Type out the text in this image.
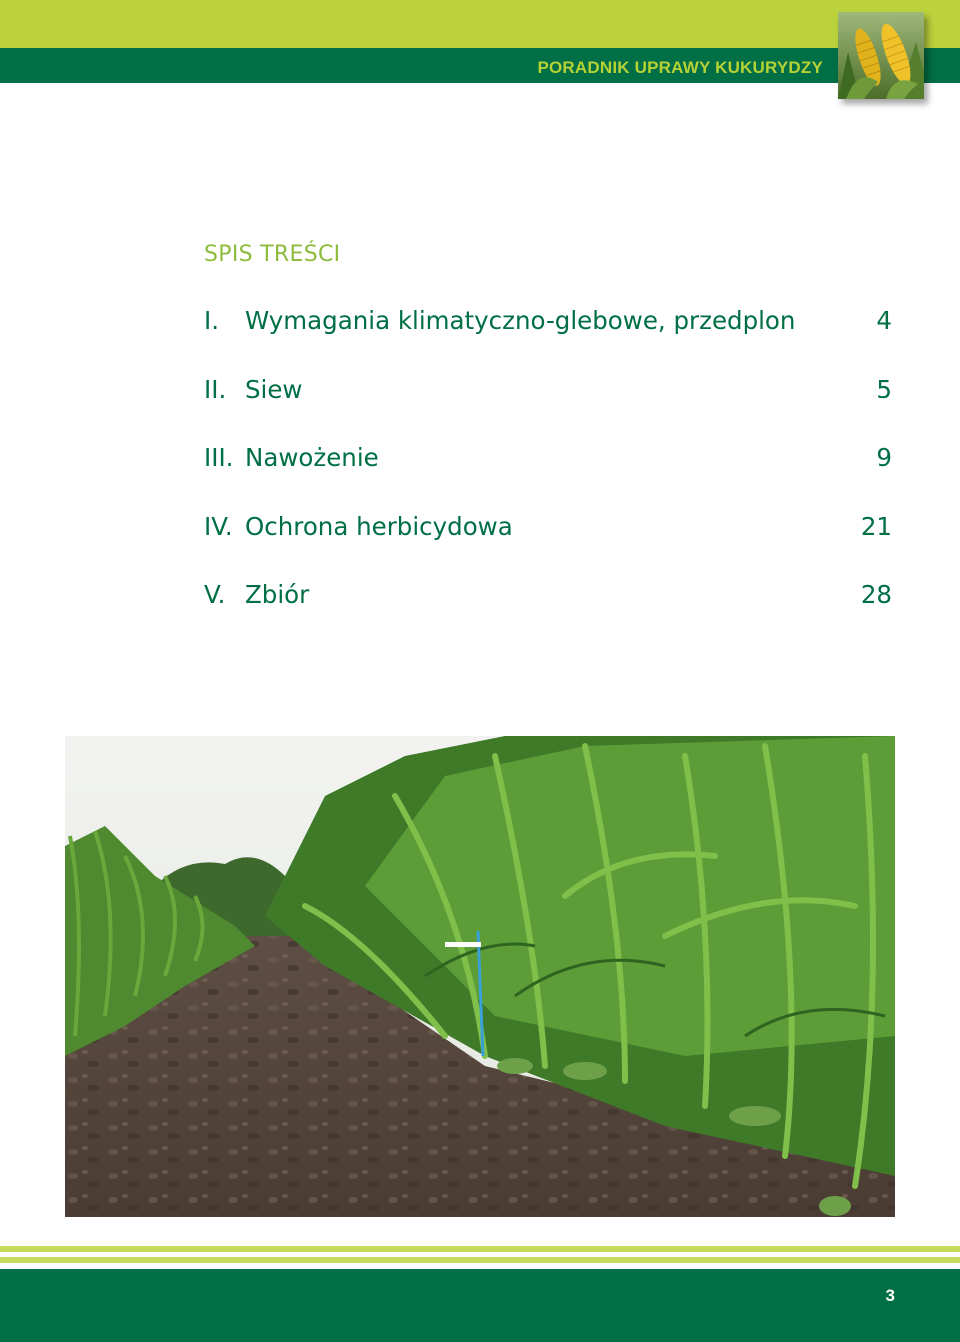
PORADNIK UPRAWY KUKURYDZY
SPIS TREŚCI
I. Wymagania klimatyczno-glebowe, przedplon	4
II. Siew	5
III. Nawożenie	9
IV. Ochrona herbicydowa	21
V. Zbiór	28
3
